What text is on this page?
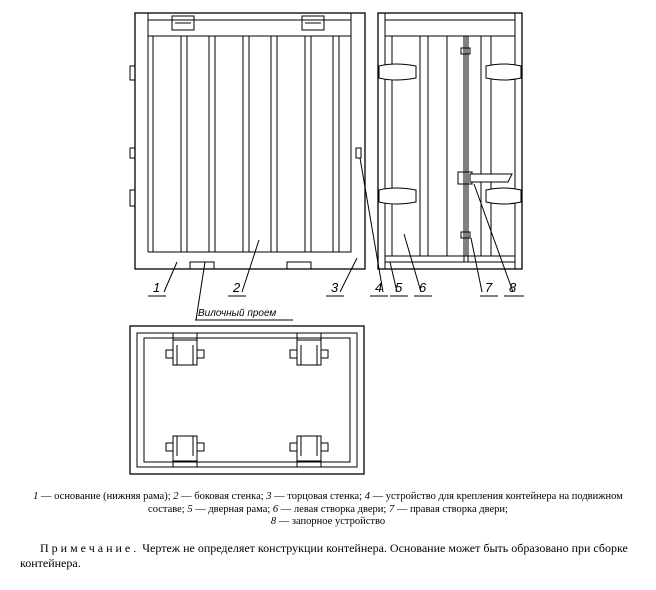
1	2	3	4 5 6	7 8
Вилочный проем
1 — основание (нижняя рама); 2 — боковая стенка; 3 — торцовая стенка; 4 — устройство для крепления контейнера на подвижном составе; 5 — дверная рама; 6 — левая створка двери; 7 — правая створка двери;
8 — запорное устройство
Примечание. Чертеж не определяет конструкции контейнера. Основание может быть образовано при сборке контейнера.
